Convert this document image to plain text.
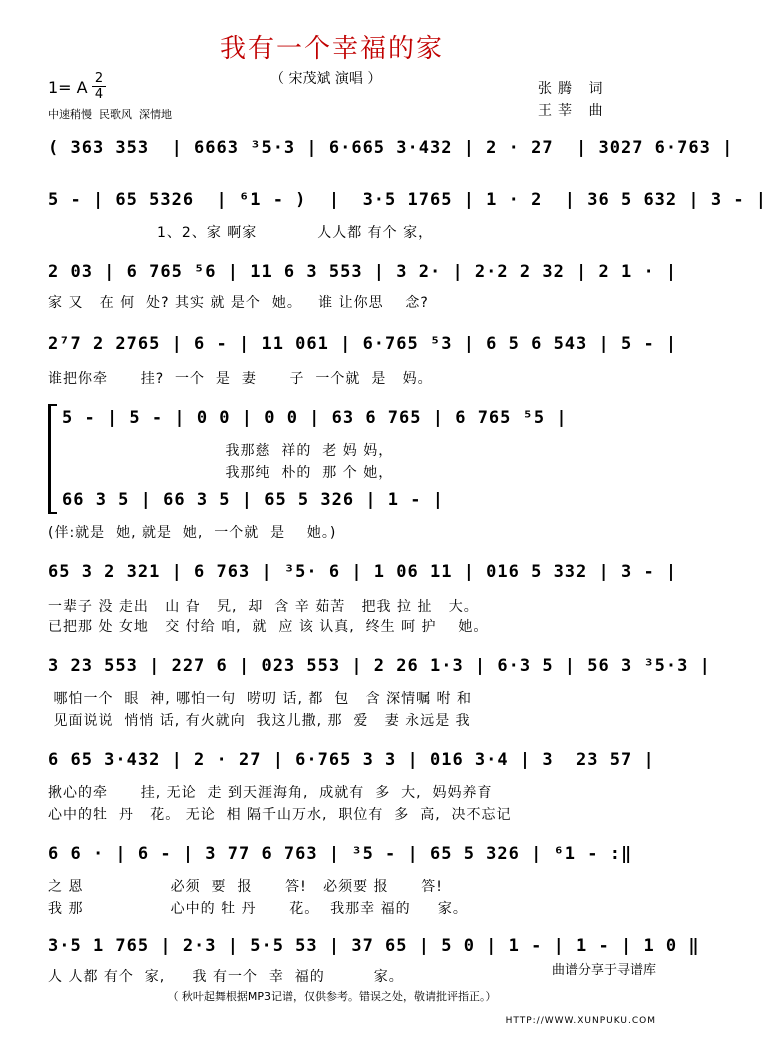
我有一个幸福的家
（ 宋茂斌 演唱 ）
1= A 2
4
中速稍慢  民歌风  深情地
张腾 词
王莘 曲
( 363 353  | 6663 ³5·3 | 6·665 3·432 | 2 · 27  | 3027 6·763 |
5 - | 65 5326  | ⁶1 - )  |  3·5 1765 | 1 · 2  | 36 5 632 | 3 - |
1、2、家 啊家           人人都 有个 家，
2 03 | 6 765 ⁵6 | 11 6 3 553 | 3 2· | 2·2 2 32 | 2 1 · |
家 又   在 何  处? 其实 就 是个  她。   谁 让你思    念?
2⁷7 2 2765 | 6 - | 11 061 | 6·765 ⁵3 | 6 5 6 543 | 5 - |
谁把你牵      挂?  一个  是  妻      子  一个就  是   妈。
5 - | 5 - | 0 0 | 0 0 | 63 6 765 | 6 765 ⁵5 |
我那慈  祥的  老 妈 妈，
我那纯  朴的  那 个 她，
66 3 5 | 66 3 5 | 65 5 326 | 1 - |
(伴:就是  她, 就是  她,  一个就  是    她。)
65 3 2 321 | 6 763 | ³5· 6 | 1 06 11 | 016 5 332 | 3 - |
一辈子 没 走出   山 旮   旯,  却  含 辛 茹苦   把我 拉 扯   大。
已把那 处 女地   交 付给 咱,  就  应 该 认真,  终生 呵 护    她。
3 23 553 | 227 6 | 023 553 | 2 26 1·3 | 6·3 5 | 56 3 ³5·3 |
哪怕一个  眼  神, 哪怕一句  唠叨 话, 都  包   含 深情嘱 咐 和
见面说说  悄悄 话, 有火就向  我这儿撒, 那  爱   妻 永远是 我
6 65 3·432 | 2 · 27 | 6·765 3 3 | 016 3·4 | 3  23 57 |
揪心的牵      挂, 无论  走 到天涯海角,  成就有  多  大,  妈妈养育
心中的牡  丹   花。 无论  相 隔千山万水,  职位有  多  高,  决不忘记
6 6 · | 6 - | 3 77 6 763 | ³5 - | 65 5 326 | ⁶1 - :‖
之 恩                必须  要  报      答!   必须要 报      答!
我 那                心中的 牡 丹      花。  我那幸 福的     家。
3·5 1 765 | 2·3 | 5·5 53 | 37 65 | 5 0 | 1 - | 1 - | 1 0 ‖
人 人都 有个  家,     我 有一个  幸  福的         家。
（ 秋叶起舞根据MP3记谱，仅供参考。错误之处，敬请批评指正。）

曲谱分享于寻谱库

HTTP://WWW.XUNPUKU.COM
